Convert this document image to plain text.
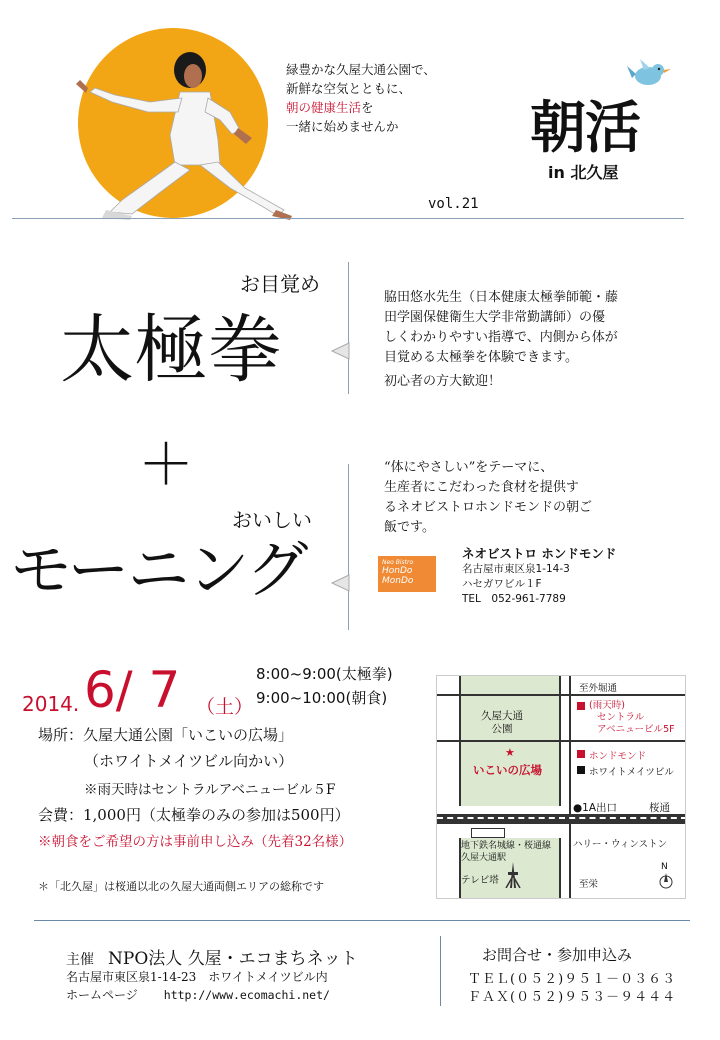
緑豊かな久屋大通公園で、

新鮮な空気とともに、

朝の健康生活を

一緒に始めませんか	朝活
in 北久屋
vol.21
お目覚め
太極拳

脇田悠水先生（日本健康太極拳師範・藤

田学園保健衛生大学非常勤講師）の優

しくわかりやすい指導で、内側から体が

目覚める太極拳を体験できます。

初心者の方大歓迎！

＋
おいしい
モーニング

“体にやさしい”をテーマに、

生産者にこだわった食材を提供す

るネオビストロホンドモンドの朝ご

飯です。

Neo Bistro
HonDo
MonDo
ネオビストロ ホンドモンド

名古屋市東区泉1-14-3

ハセガワビル１F

TEL　052-961-7789

2014. 6/ 7 （土）

8:00~9:00(太極拳)

9:00~10:00(朝食)

場所：久屋大通公園「いこいの広場」
（ホワイトメイツビル向かい）
※雨天時はセントラルアベニュービル５F
会費：1,000円（太極拳のみの参加は500円）
※朝食をご希望の方は事前申し込み（先着32名様）
＊「北久屋」は桜通以北の久屋大通両側エリアの総称です
久屋大通
公園
★
いこいの広場
至外堀通
(雨天時)
セントラル
アベニュービル5F
ホンドモンド
ホワイトメイツビル
●1A出口	桜通
ハリー・ウィンストン
地下鉄名城線・桜通線
久屋大通駅
テレビ塔	至栄
N
主催 NPO法人 久屋・エコまちネット
名古屋市東区泉1-14-23　ホワイトメイツビル内
ホームページ http://www.ecomachi.net/
お問合せ・参加申込み
ＴＥＬ(０５２)９５１－０３６３
ＦＡＸ(０５２)９５３－９４４４
